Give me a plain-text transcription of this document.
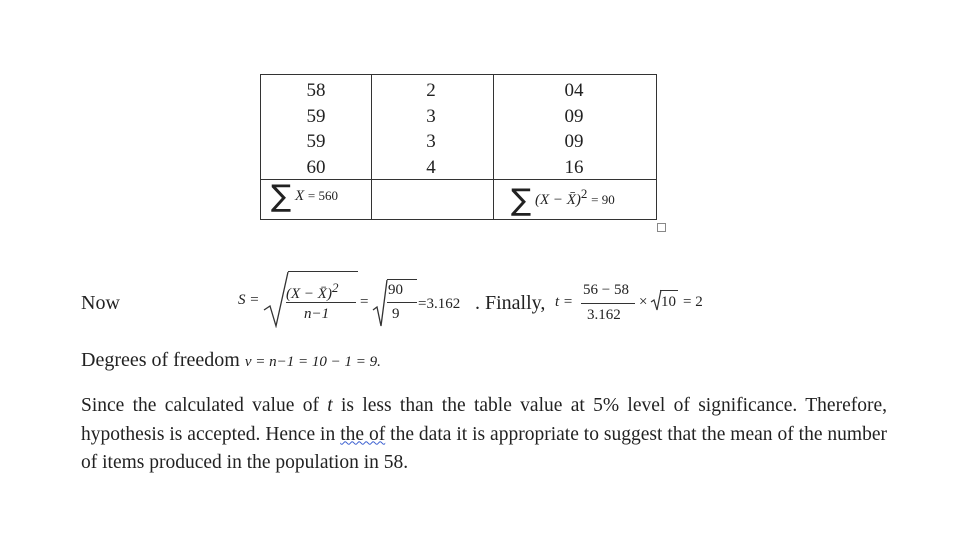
58
59
59
60
2
3
3
4
04
09
09
16
∑ X = 560	∑ (X − X̄)$^2$ = 90
Now	S = (X − X̄)$^2$
n−1
=
90
9
=3.162 . Finally, t =
56 − 58
3.162
× 10 = 2
Degrees of freedom ν = n−1 = 10 − 1 = 9.
Since the calculated value of t is less than the table value at 5% level of significance. Therefore, hypothesis is accepted. Hence in the of the data it is appropriate to suggest that the mean of the number of items produced in the population in 58.
